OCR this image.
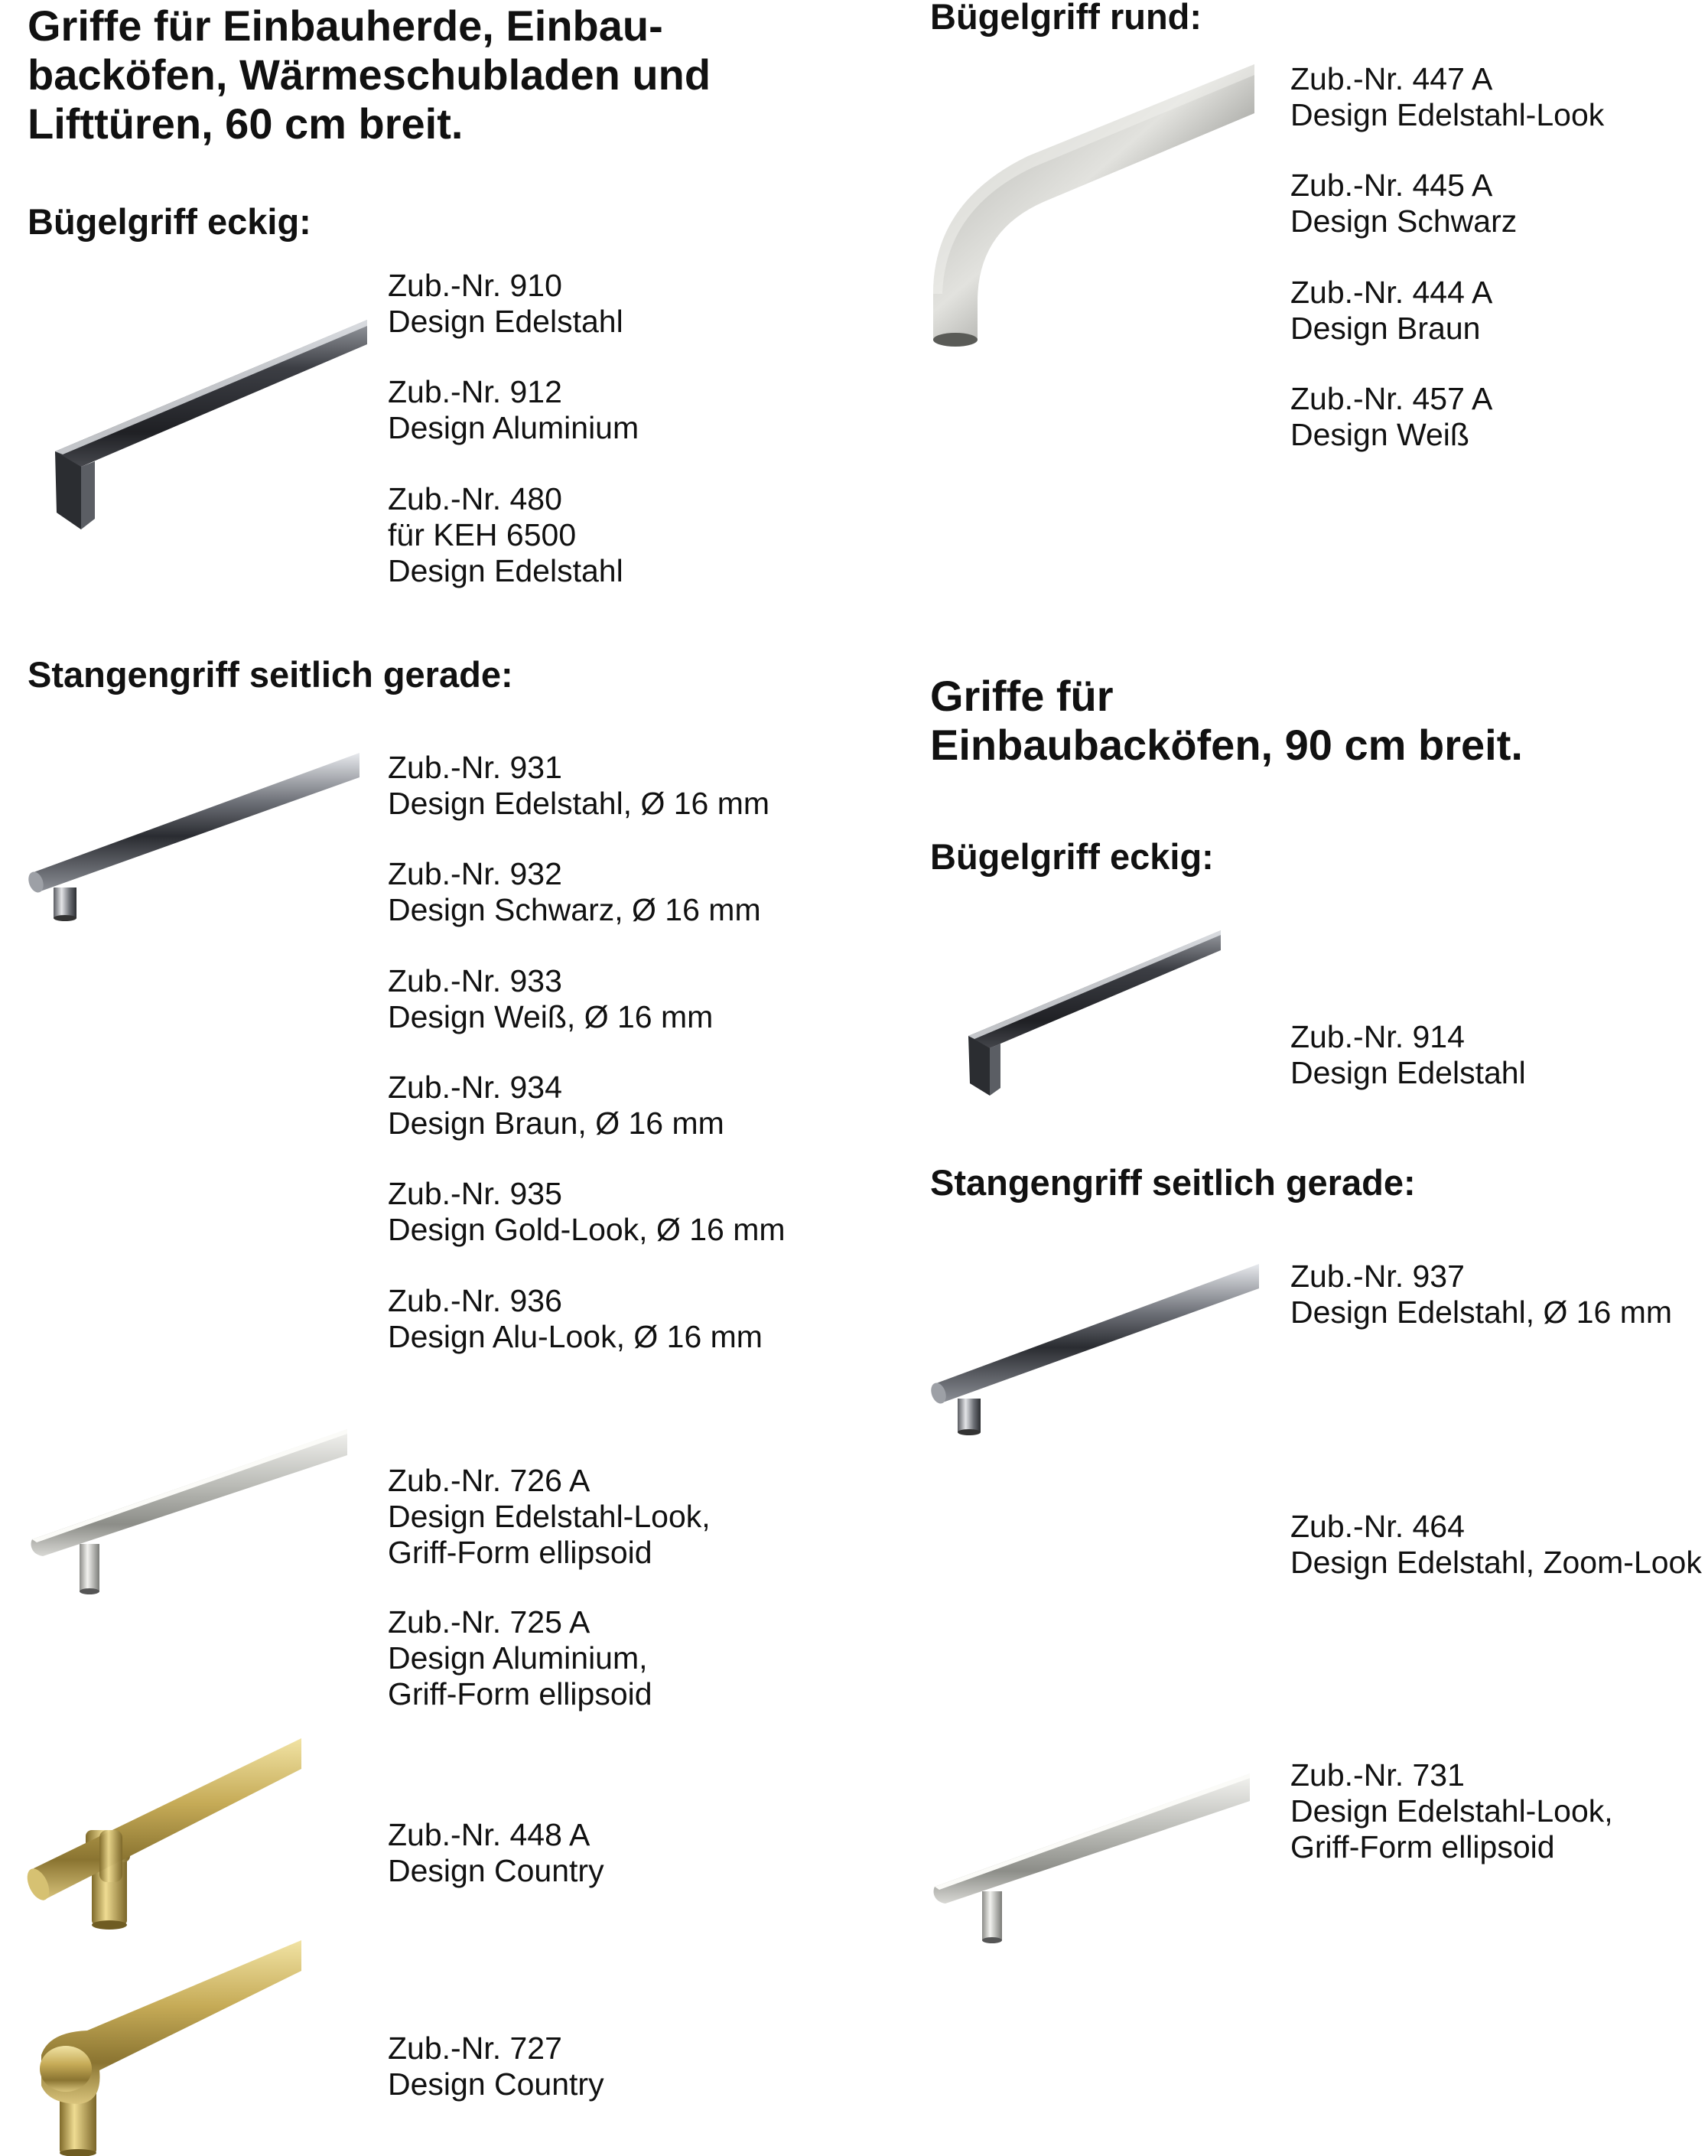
Griffe für Einbauherde, Einbau-
backöfen, Wärmeschubladen und
Lifttüren, 60 cm breit.
Bügelgriff eckig:
Zub.-Nr. 910
Design Edelstahl
Zub.-Nr. 912
Design Aluminium
Zub.-Nr. 480
für KEH 6500
Design Edelstahl
Stangengriff seitlich gerade:
Zub.-Nr. 931
Design Edelstahl, Ø 16 mm
Zub.-Nr. 932
Design Schwarz, Ø 16 mm
Zub.-Nr. 933
Design Weiß, Ø 16 mm
Zub.-Nr. 934
Design Braun, Ø 16 mm
Zub.-Nr. 935
Design Gold-Look, Ø 16 mm
Zub.-Nr. 936
Design Alu-Look, Ø 16 mm
Zub.-Nr. 726 A
Design Edelstahl-Look,
Griff-Form ellipsoid
Zub.-Nr. 725 A
Design Aluminium,
Griff-Form ellipsoid
Zub.-Nr. 448 A
Design Country
Zub.-Nr. 727
Design Country
Bügelgriff rund:
Zub.-Nr. 447 A
Design Edelstahl-Look
Zub.-Nr. 445 A
Design Schwarz
Zub.-Nr. 444 A
Design Braun
Zub.-Nr. 457 A
Design Weiß
Griffe für
Einbaubacköfen, 90 cm breit.
Bügelgriff eckig:
Zub.-Nr. 914
Design Edelstahl
Stangengriff seitlich gerade:
Zub.-Nr. 937
Design Edelstahl, Ø 16 mm
Zub.-Nr. 464
Design Edelstahl, Zoom-Look
Zub.-Nr. 731
Design Edelstahl-Look,
Griff-Form ellipsoid
